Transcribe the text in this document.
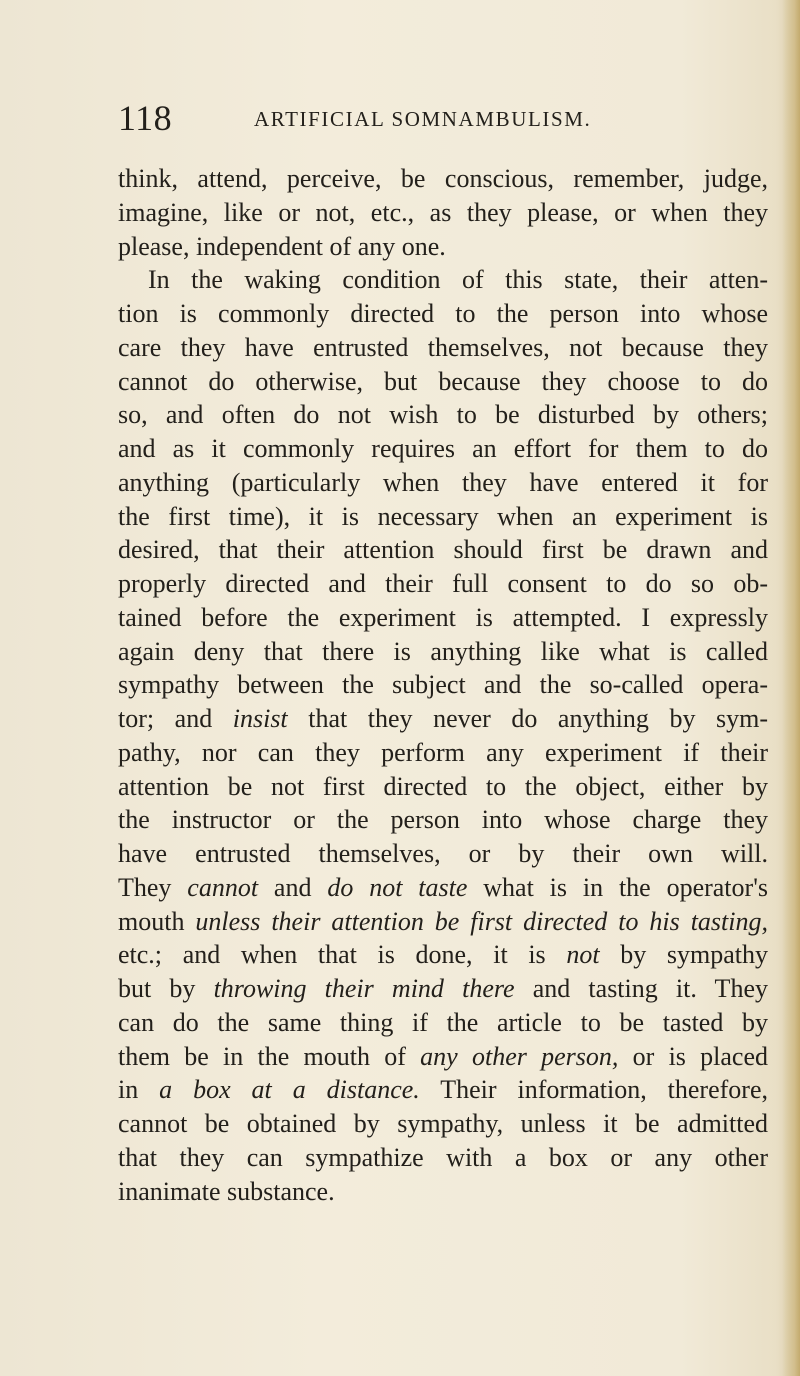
118	ARTIFICIAL SOMNAMBULISM.
think, attend, perceive, be conscious, remember, judge,
imagine, like or not, etc., as they please, or when they
please, independent of any one.
In the waking condition of this state, their atten-
tion is commonly directed to the person into whose
care they have entrusted themselves, not because they
cannot do otherwise, but because they choose to do
so, and often do not wish to be disturbed by others;
and as it commonly requires an effort for them to do
anything (particularly when they have entered it for
the first time), it is necessary when an experiment is
desired, that their attention should first be drawn and
properly directed and their full consent to do so ob-
tained before the experiment is attempted. I expressly
again deny that there is anything like what is called
sympathy between the subject and the so-called opera-
tor; and insist that they never do anything by sym-
pathy, nor can they perform any experiment if their
attention be not first directed to the object, either by
the instructor or the person into whose charge they
have entrusted themselves, or by their own will.
They cannot and do not taste what is in the operator's
mouth unless their attention be first directed to his tasting,
etc.; and when that is done, it is not by sympathy
but by throwing their mind there and tasting it. They
can do the same thing if the article to be tasted by
them be in the mouth of any other person, or is placed
in a box at a distance. Their information, therefore,
cannot be obtained by sympathy, unless it be admitted
that they can sympathize with a box or any other
inanimate substance.
